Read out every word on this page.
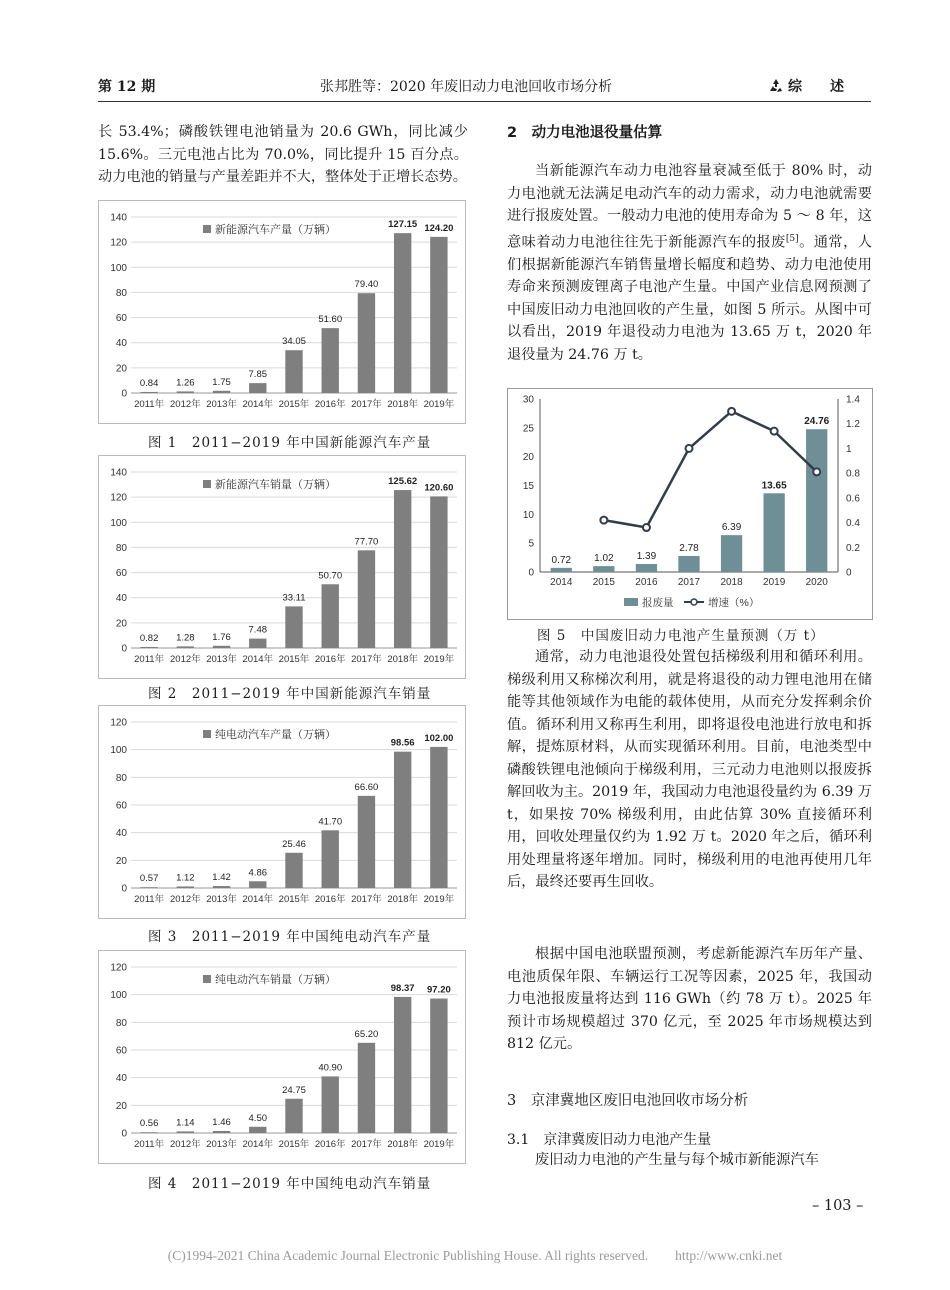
第 12 期	张邦胜等：2020 年废旧动力电池回收市场分析	综　　述

长 53.4%；磷酸铁锂电池销量为 20.6 GWh，同比减少 15.6%。三元电池占比为 70.0%，同比提升 15 百分点。动力电池的销量与产量差距并不大，整体处于正增长态势。

0
20
40
60
80
100
120
140
0.84
2011年
1.26
2012年
1.75
2013年
7.85
2014年
34.05
2015年
51.60
2016年
79.40
2017年
127.15
2018年
124.20
2019年
新能源汽车产量（万辆）
图 1　2011−2019 年中国新能源汽车产量
0
20
40
60
80
100
120
140
0.82
2011年
1.28
2012年
1.76
2013年
7.48
2014年
33.11
2015年
50.70
2016年
77.70
2017年
125.62
2018年
120.60
2019年
新能源汽车销量（万辆）
图 2　2011−2019 年中国新能源汽车销量
0
20
40
60
80
100
120
0.57
2011年
1.12
2012年
1.42
2013年
4.86
2014年
25.46
2015年
41.70
2016年
66.60
2017年
98.56
2018年
102.00
2019年
纯电动汽车产量（万辆）
图 3　2011−2019 年中国纯电动汽车产量
0
20
40
60
80
100
120
0.56
2011年
1.14
2012年
1.46
2013年
4.50
2014年
24.75
2015年
40.90
2016年
65.20
2017年
98.37
2018年
97.20
2019年
纯电动汽车销量（万辆）
图 4　2011−2019 年中国纯电动汽车销量
2　动力电池退役量估算

当新能源汽车动力电池容量衰减至低于 80% 时，动力电池就无法满足电动汽车的动力需求，动力电池就需要进行报废处置。一般动力电池的使用寿命为 5 ～ 8 年，这意味着动力电池往往先于新能源汽车的报废[5]。通常，人们根据新能源汽车销售量增长幅度和趋势、动力电池使用寿命来预测废锂离子电池产生量。中国产业信息网预测了中国废旧动力电池回收的产生量，如图 5 所示。从图中可以看出，2019 年退役动力电池为 13.65 万 t，2020 年退役量为 24.76 万 t。

0
5
10
15
20
25
30
0
0.2
0.4
0.6
0.8
1
1.2
1.4
0.72
2014
1.02
2015
1.39
2016
2.78
2017
6.39
2018
13.65
2019
24.76
2020
报废量	增速（%）
图 5　中国废旧动力电池产生量预测（万 t）

通常，动力电池退役处置包括梯级利用和循环利用。梯级利用又称梯次利用，就是将退役的动力锂电池用在储能等其他领域作为电能的载体使用，从而充分发挥剩余价值。循环利用又称再生利用，即将退役电池进行放电和拆解，提炼原材料，从而实现循环利用。目前，电池类型中磷酸铁锂电池倾向于梯级利用，三元动力电池则以报废拆解回收为主。2019 年，我国动力电池退役量约为 6.39 万 t，如果按 70% 梯级利用，由此估算 30% 直接循环利用，回收处理量仅约为 1.92 万 t。2020 年之后，循环利用处理量将逐年增加。同时，梯级利用的电池再使用几年后，最终还要再生回收。

根据中国电池联盟预测，考虑新能源汽车历年产量、电池质保年限、车辆运行工况等因素，2025 年，我国动力电池报废量将达到 116 GWh（约 78 万 t）。2025 年预计市场规模超过 370 亿元，至 2025 年市场规模达到 812 亿元。

3　京津冀地区废旧电池回收市场分析
3.1　京津冀废旧动力电池产生量

废旧动力电池的产生量与每个城市新能源汽车

– 103 –
(C)1994-2021 China Academic Journal Electronic Publishing House. All rights reserved.　　http://www.cnki.net
